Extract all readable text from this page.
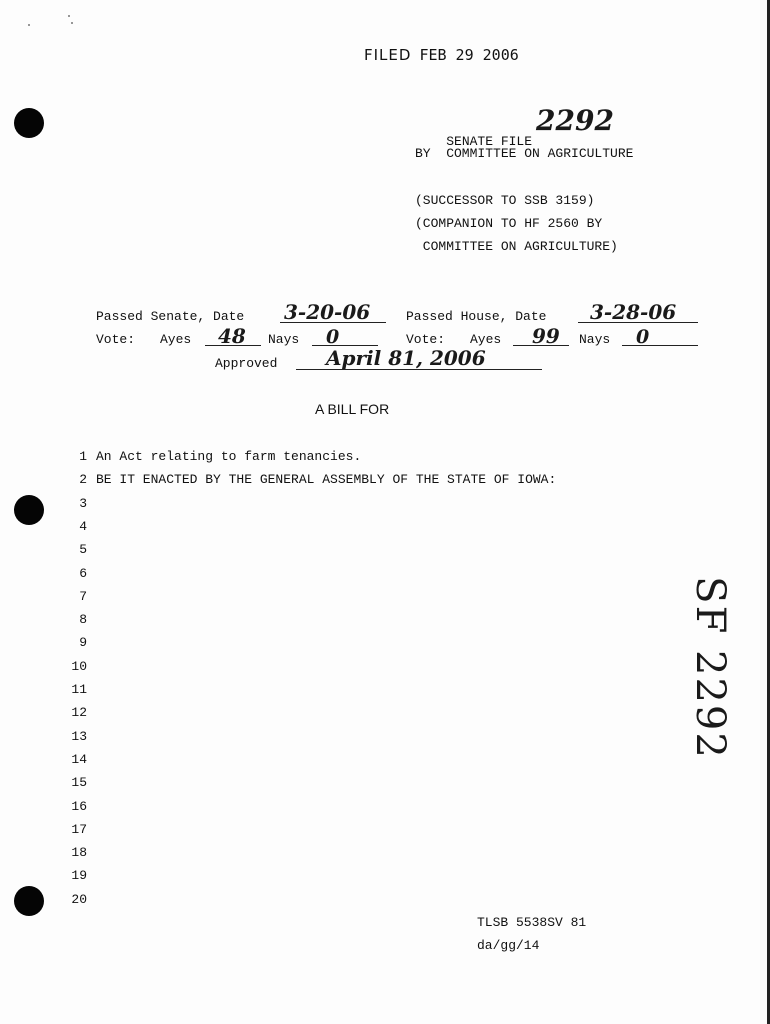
FILED FEB 29 2006

SENATE FILE

2292
BY  COMMITTEE ON AGRICULTURE
(SUCCESSOR TO SSB 3159)
(COMPANION TO HF 2560 BY
COMMITTEE ON AGRICULTURE)
Passed Senate, Date 3-20-06	Passed House, Date 3-28-06
Vote: Ayes 48 Nays 0	Vote: Ayes 99 Nays 0
Approved April 81, 2006
A BILL FOR
1 An Act relating to farm tenancies.
2 BE IT ENACTED BY THE GENERAL ASSEMBLY OF THE STATE OF IOWA:
3
4
5
6
7
8
9
10
11
12
13
14
15
16
17
18
19
20
SF 2292
TLSB 5538SV 81
da/gg/14
